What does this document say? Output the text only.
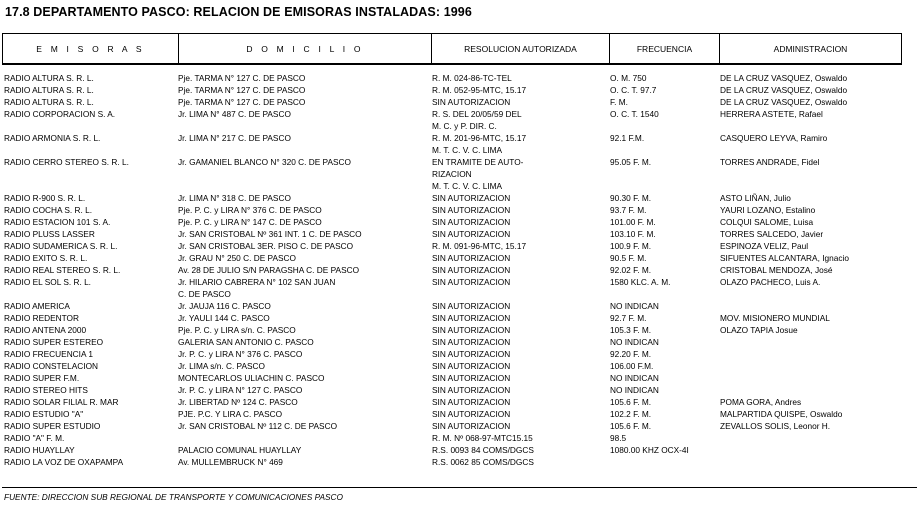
17.8 DEPARTAMENTO PASCO: RELACION DE EMISORAS INSTALADAS: 1996
E M I S O R A S	D O M I C I L I O	RESOLUCION AUTORIZADA	FRECUENCIA	ADMINISTRACION
RADIO ALTURA S. R. L.	Pje. TARMA N° 127 C. DE PASCO	R. M. 024-86-TC-TEL	O. M. 750	DE LA CRUZ VASQUEZ, Oswaldo
RADIO ALTURA S. R. L.	Pje. TARMA N° 127 C. DE PASCO	R. M. 052-95-MTC, 15.17	O. C. T. 97.7	DE LA CRUZ VASQUEZ, Oswaldo
RADIO ALTURA S. R. L.	Pje. TARMA N° 127 C. DE PASCO	SIN AUTORIZACION	F. M.	DE LA CRUZ VASQUEZ, Oswaldo
RADIO CORPORACION S. A.	Jr. LIMA N° 487 C. DE PASCO	R. S. DEL 20/05/59 DEL	O. C. T. 1540	HERRERA ASTETE, Rafael
M. C. y P. DIR. C.
RADIO ARMONIA S. R. L.	Jr. LIMA N° 217 C. DE PASCO	R. M. 201-96-MTC, 15.17	92.1 F.M.	CASQUERO LEYVA, Ramiro
M. T. C. V. C. LIMA
RADIO CERRO STEREO S. R. L.	Jr. GAMANIEL BLANCO N° 320 C. DE PASCO	EN TRAMITE DE AUTO-	95.05 F. M.	TORRES ANDRADE, Fidel
RIZACION
M. T. C. V. C. LIMA
RADIO R-900 S. R. L.	Jr. LIMA N° 318 C. DE PASCO	SIN AUTORIZACION	90.30 F. M.	ASTO LIÑAN, Julio
RADIO COCHA S. R. L.	Pje. P. C. y LIRA N° 376 C. DE PASCO	SIN AUTORIZACION	93.7 F. M.	YAURI LOZANO, Estalino
RADIO ESTACION 101 S. A.	Pje. P. C. y LIRA N° 147 C. DE PASCO	SIN AUTORIZACION	101.00 F. M.	COLQUI SALOME, Luisa
RADIO PLUSS LASSER	Jr. SAN CRISTOBAL Nº 361 INT. 1 C. DE PASCO	SIN AUTORIZACION	103.10 F. M.	TORRES SALCEDO, Javier
RADIO SUDAMERICA S. R. L.	Jr. SAN CRISTOBAL 3ER. PISO C. DE PASCO	R. M. 091-96-MTC, 15.17	100.9 F. M.	ESPINOZA VELIZ, Paul
RADIO EXITO S. R. L.	Jr. GRAU N° 250 C. DE PASCO	SIN AUTORIZACION	90.5 F. M.	SIFUENTES ALCANTARA, Ignacio
RADIO REAL STEREO S. R. L.	Av. 28 DE JULIO S/N PARAGSHA C. DE PASCO	SIN AUTORIZACION	92.02 F. M.	CRISTOBAL MENDOZA, José
RADIO EL SOL S. R. L.	Jr. HILARIO CABRERA N° 102 SAN JUAN	SIN AUTORIZACION	1580 KLC. A. M.	OLAZO PACHECO, Luis A.
C. DE PASCO
RADIO AMERICA	Jr. JAUJA 116 C. PASCO	SIN AUTORIZACION	NO INDICAN
RADIO REDENTOR	Jr. YAULI 144 C. PASCO	SIN AUTORIZACION	92.7 F. M.	MOV. MISIONERO MUNDIAL
RADIO ANTENA 2000	Pje. P. C. y LIRA s/n. C. PASCO	SIN AUTORIZACION	105.3 F. M.	OLAZO TAPIA Josue
RADIO SUPER ESTEREO	GALERIA SAN ANTONIO C. PASCO	SIN AUTORIZACION	NO INDICAN
RADIO FRECUENCIA 1	Jr. P. C. y LIRA N° 376 C. PASCO	SIN AUTORIZACION	92.20 F. M.
RADIO CONSTELACION	Jr. LIMA s/n. C. PASCO	SIN AUTORIZACION	106.00 F.M.
RADIO SUPER F.M.	MONTECARLOS ULIACHIN C. PASCO	SIN AUTORIZACION	NO INDICAN
RADIO STEREO HITS	Jr. P. C. y LIRA N° 127 C. PASCO	SIN AUTORIZACION	NO INDICAN
RADIO SOLAR FILIAL R. MAR	Jr. LIBERTAD Nº 124 C. PASCO	SIN AUTORIZACION	105.6 F. M.	POMA GORA, Andres
RADIO ESTUDIO "A"	PJE. P.C. Y LIRA C. PASCO	SIN AUTORIZACION	102.2 F. M.	MALPARTIDA QUISPE, Oswaldo
RADIO SUPER ESTUDIO	Jr. SAN CRISTOBAL Nº 112 C. DE PASCO	SIN AUTORIZACION	105.6 F. M.	ZEVALLOS SOLIS, Leonor H.
RADIO "A" F. M.	R. M. Nº 068-97-MTC15.15	98.5
RADIO HUAYLLAY	PALACIO COMUNAL HUAYLLAY	R.S. 0093 84 COMS/DGCS	1080.00 KHZ OCX-4I
RADIO LA VOZ DE OXAPAMPA	Av. MULLEMBRUCK N° 469	R.S. 0062 85 COMS/DGCS
FUENTE: DIRECCION SUB REGIONAL DE TRANSPORTE Y COMUNICACIONES PASCO
